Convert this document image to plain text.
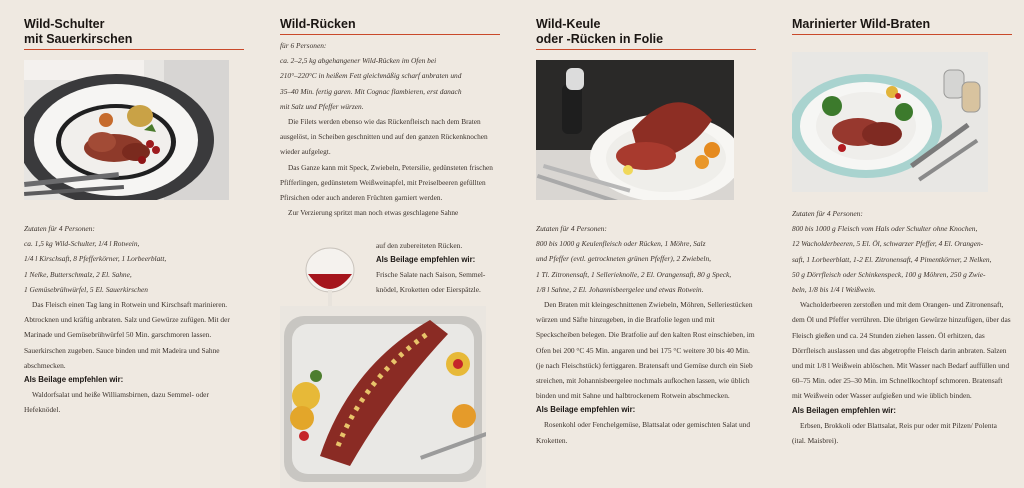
Wild-Schulter
mit Sauerkirschen
Zutaten für 4 Personen:
ca. 1,5 kg Wild-Schulter, 1/4 l Rotwein,
1/4 l Kirschsaft, 8 Pfefferkörner, 1 Lorbeerblatt,
1 Nelke, Butterschmalz, 2 El. Sahne,
1 Gemüsebrühwürfel, 5 El. Sauerkirschen

Das Fleisch einen Tag lang in Rotwein und Kirschsaft marinieren. Abtrocknen und kräftig anbraten. Salz und Gewürze zufügen. Mit der Marinade und Gemüsebrühwürfel 50 Min. garschmoren lassen. Sauerkirschen zugeben. Sauce binden und mit Madeira und Sahne abschmecken.

Als Beilage empfehlen wir:

Waldorfsalat und heiße Williamsbirnen, dazu Semmel- oder Hefeknödel.

Wild-Rücken
für 6 Personen:
ca. 2–2,5 kg abgehangener Wild-Rücken im Ofen bei
210°–220°C in heißem Fett gleichmäßig scharf anbraten und
35–40 Min. fertig garen. Mit Cognac flambieren, erst danach
mit Salz und Pfeffer würzen.

Die Filets werden ebenso wie das Rückenfleisch nach dem Braten ausgelöst, in Scheiben geschnitten und auf den ganzen Rückenknochen wieder aufgelegt.

Das Ganze kann mit Speck, Zwiebeln, Petersilie, gedünsteten frischen Pfifferlingen, gedünstetem Weißweinapfel, mit Preiselbeeren gefüllten Pfirsichen oder auch anderen Früchten garniert werden.

Zur Verzierung spritzt man noch etwas geschlagene Sahne

auf den zubereiteten Rücken.
Als Beilage empfehlen wir:
Frische Salate nach Saison, Semmel-
knödel, Kroketten oder Eierspätzle.
Wild-Keule
oder -Rücken in Folie
Zutaten für 4 Personen:
800 bis 1000 g Keulenfleisch oder Rücken, 1 Möhre, Salz
und Pfeffer (evtl. getrockneten grünen Pfeffer), 2 Zwiebeln,
1 Tl. Zitronensaft, 1 Sellerieknolle, 2 El. Orangensaft, 80 g Speck,
1/8 l Sahne, 2 El. Johannisbeergelee und etwas Rotwein.

Den Braten mit kleingeschnittenen Zwiebeln, Möhren, Selleriestücken würzen und Säfte hinzugeben, in die Bratfolie legen und mit Speckscheiben belegen. Die Bratfolie auf den kalten Rost einschieben, im Ofen bei 200 °C 45 Min. angaren und bei 175 °C weitere 30 bis 40 Min. (je nach Fleischstück) fertiggaren. Bratensaft und Gemüse durch ein Sieb streichen, mit Johannisbeergelee nochmals aufkochen lassen, wie üblich binden und mit Sahne und halbtrockenem Rotwein abschmecken.

Als Beilage empfehlen wir:

Rosenkohl oder Fenchelgemüse, Blattsalat oder gemischten Salat und Kroketten.

Marinierter Wild-Braten
Zutaten für 4 Personen:
800 bis 1000 g Fleisch vom Hals oder Schulter ohne Knochen,
12 Wacholderbeeren, 5 El. Öl, schwarzer Pfeffer, 4 El. Orangen-
saft, 1 Lorbeerblatt, 1-2 El. Zitronensaft, 4 Pimentkörner, 2 Nelken,
50 g Dörrfleisch oder Schinkenspeck, 100 g Möhren, 250 g Zwie-
beln, 1/8 bis 1/4 l Weißwein.

Wacholderbeeren zerstoßen und mit dem Orangen- und Zitronensaft, dem Öl und Pfeffer verrühren. Die übrigen Gewürze hinzufügen, über das Fleisch gießen und ca. 24 Stunden ziehen lassen. Öl erhitzen, das Dörrfleisch auslassen und das abgetropfte Fleisch darin anbraten. Salzen und mit 1/8 l Weißwein ablöschen. Mit Wasser nach Bedarf auffüllen und 60–75 Min. oder 25–30 Min. im Schnellkochtopf schmoren. Bratensaft mit Weißwein oder Wasser aufgießen und wie üblich binden.

Als Beilagen empfehlen wir:

Erbsen, Brokkoli oder Blattsalat, Reis pur oder mit Pilzen/ Polenta (ital. Maisbrei).
